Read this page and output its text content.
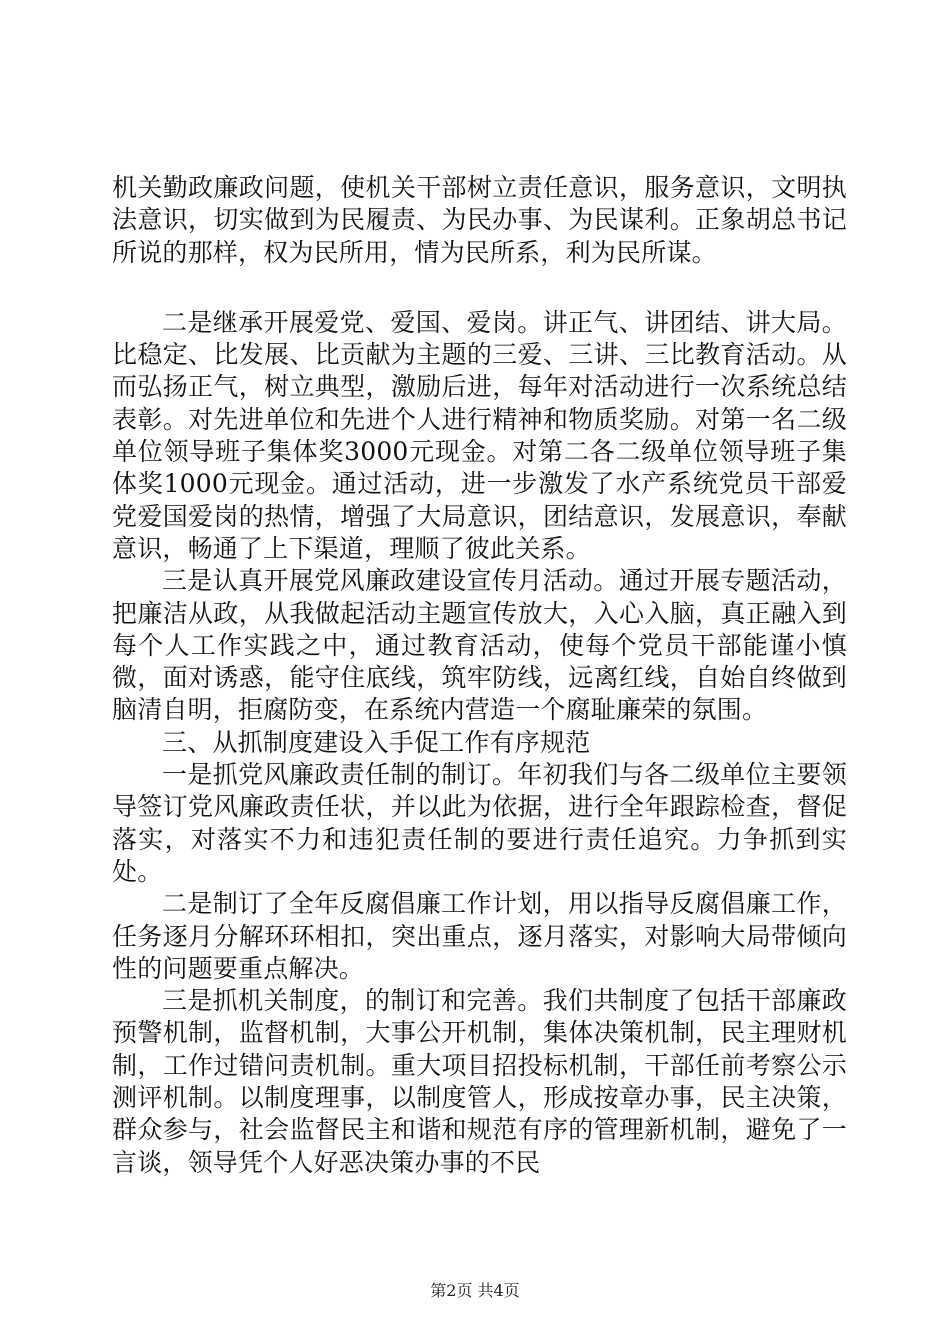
机关勤政廉政问题，使机关干部树立责任意识，服务意识，文明执法意识，切实做到为民履责、为民办事、为民谋利。正象胡总书记所说的那样，权为民所用，情为民所系，利为民所谋。

二是继承开展爱党、爱国、爱岗。讲正气、讲团结、讲大局。比稳定、比发展、比贡献为主题的三爱、三讲、三比教育活动。从而弘扬正气，树立典型，激励后进，每年对活动进行一次系统总结表彰。对先进单位和先进个人进行精神和物质奖励。对第一名二级单位领导班子集体奖3000元现金。对第二各二级单位领导班子集体奖1000元现金。通过活动，进一步激发了水产系统党员干部爱党爱国爱岗的热情，增强了大局意识，团结意识，发展意识，奉献意识，畅通了上下渠道，理顺了彼此关系。

三是认真开展党风廉政建设宣传月活动。通过开展专题活动，把廉洁从政，从我做起活动主题宣传放大，入心入脑，真正融入到每个人工作实践之中，通过教育活动，使每个党员干部能谨小慎微，面对诱惑，能守住底线，筑牢防线，远离红线，自始自终做到脑清自明，拒腐防变，在系统内营造一个腐耻廉荣的氛围。

三、从抓制度建设入手促工作有序规范

一是抓党风廉政责任制的制订。年初我们与各二级单位主要领导签订党风廉政责任状，并以此为依据，进行全年跟踪检查，督促落实，对落实不力和违犯责任制的要进行责任追究。力争抓到实处。

二是制订了全年反腐倡廉工作计划，用以指导反腐倡廉工作，任务逐月分解环环相扣，突出重点，逐月落实，对影响大局带倾向性的问题要重点解决。

三是抓机关制度，的制订和完善。我们共制度了包括干部廉政预警机制，监督机制，大事公开机制，集体决策机制，民主理财机制，工作过错问责机制。重大项目招投标机制，干部任前考察公示测评机制。以制度理事，以制度管人，形成按章办事，民主决策，群众参与，社会监督民主和谐和规范有序的管理新机制，避免了一言谈，领导凭个人好恶决策办事的不民

第2页 共4页
